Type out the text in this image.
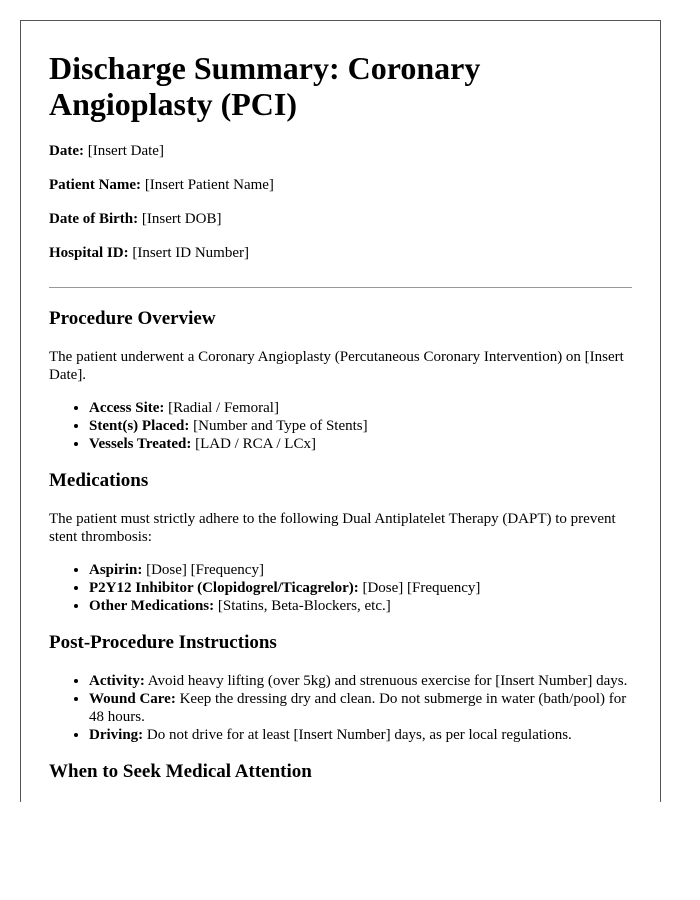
Discharge Summary: Coronary Angioplasty (PCI)
Date: [Insert Date]
Patient Name: [Insert Patient Name]
Date of Birth: [Insert DOB]
Hospital ID: [Insert ID Number]
Procedure Overview

The patient underwent a Coronary Angioplasty (Percutaneous Coronary Intervention) on [Insert Date].

• Access Site: [Radial / Femoral]
• Stent(s) Placed: [Number and Type of Stents]
• Vessels Treated: [LAD / RCA / LCx]
Medications

The patient must strictly adhere to the following Dual Antiplatelet Therapy (DAPT) to prevent stent thrombosis:

• Aspirin: [Dose] [Frequency]
• P2Y12 Inhibitor (Clopidogrel/Ticagrelor): [Dose] [Frequency]
• Other Medications: [Statins, Beta-Blockers, etc.]
Post-Procedure Instructions
• Activity: Avoid heavy lifting (over 5kg) and strenuous exercise for [Insert Number] days.
• Wound Care: Keep the dressing dry and clean. Do not submerge in water (bath/pool) for 48 hours.
• Driving: Do not drive for at least [Insert Number] days, as per local regulations.
When to Seek Medical Attention
